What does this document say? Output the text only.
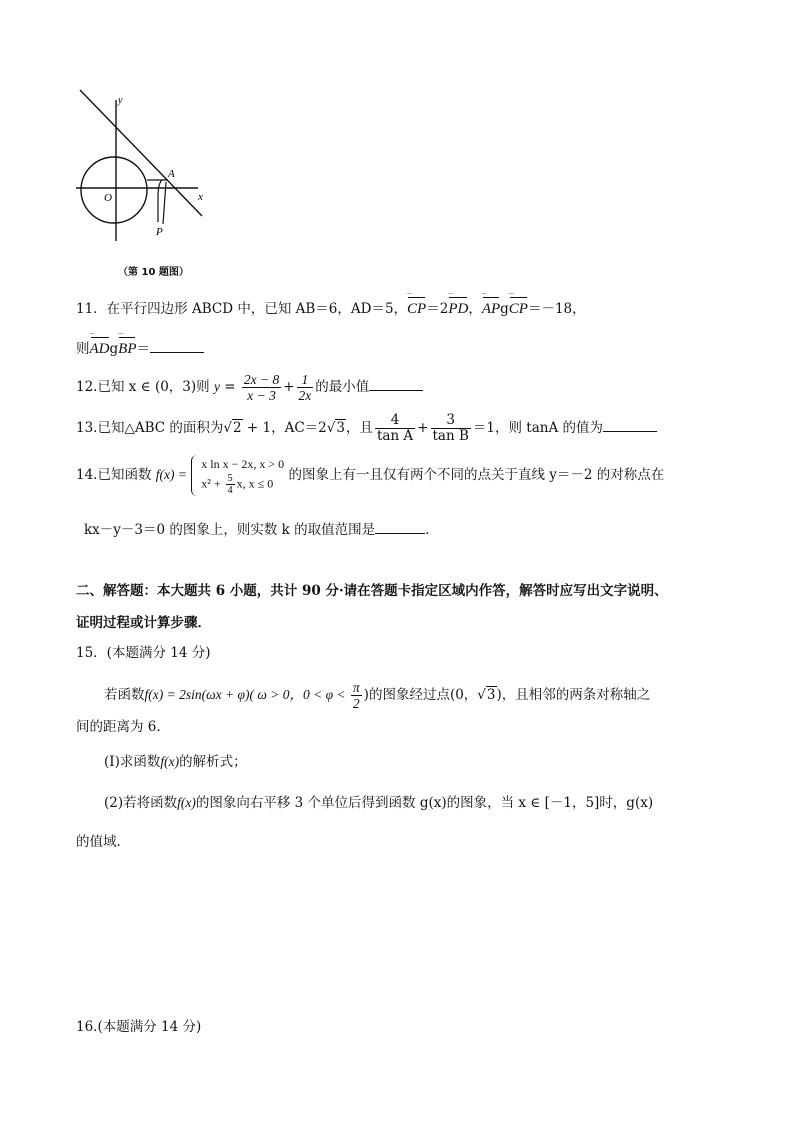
y
x
O
A
P
（第 10 题图）
11．在平行四边形 ABCD 中，已知 AB＝6，AD＝5，CP ‾‾‾＝2PD ‾‾‾，AP ‾‾‾gCP ‾‾‾＝－18，
则AD ‾‾‾gBP ‾‾‾＝
12.已知 x ∈ (0，3)则 $y = \frac{2x - 8}{x - 3} + \frac{1}{2x}$ 的最小值
13.已知△ABC 的面积为√2 + 1，AC＝2√3，且 $\frac{4}{\text{tan A}} + \frac{3}{\text{tan B}} =1$，则 tanA 的值为
14.已知函数 f(x) =
x ln x − 2x, x > 0
$x^2 + \frac{5}{4} x$, x ≤ 0
的图象上有一且仅有两个不同的点关于直线 y＝－2 的对称点在
kx－y－3＝0 的图象上，则实数 k 的取值范围是	.
二、解答题：本大题共 6 小题，共计 90 分·请在答题卡指定区域内作答，解答时应写出文字说明、
证明过程或计算步骤．
15．(本题满分 14 分)
若函数f(x) = 2sin(ωx + φ)( ω > 0，$0 < \varphi < \frac{\pi}{2}$ )的图象经过点(0，√3)，且相邻的两条对称轴之
间的距离为 6.
(I)求函数f(x)的解析式；
(2)若将函数f(x)的图象向右平移 3 个单位后得到函数 g(x)的图象，当 x ∈ [－1，5]时，g(x)
的值域．
16.(本题满分 14 分)
